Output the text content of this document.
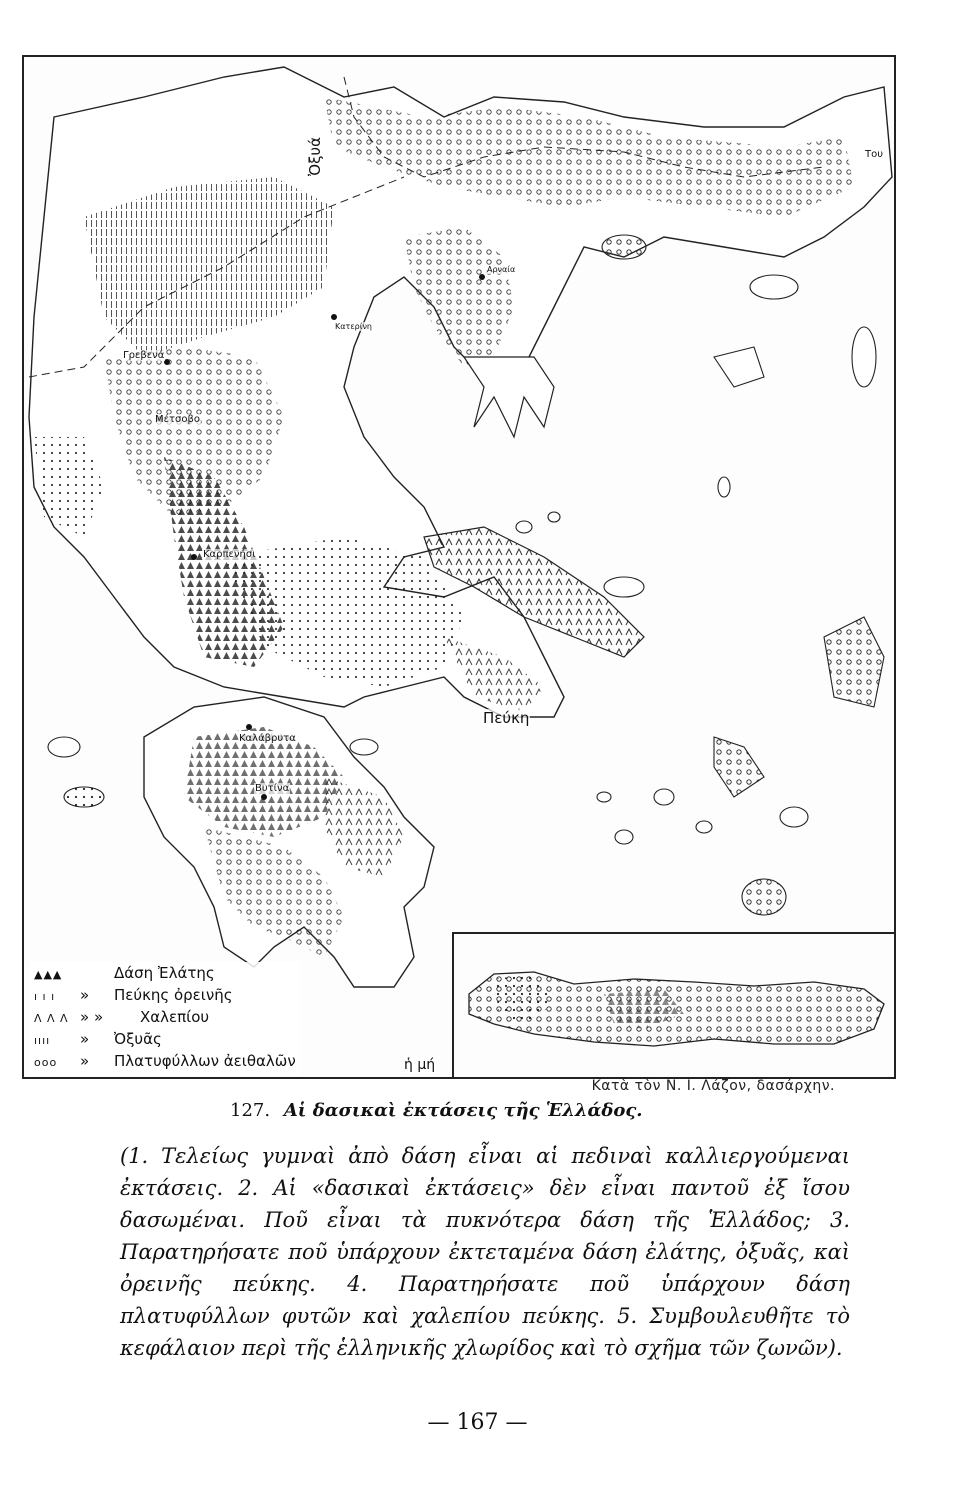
Γρεβενά
Μέτσοβο
Κατερίνη
Καρπενήσι
Καλάβρυτα
Βυτίνα
Αρναία
Ὀξυά
Πεύκη
Του
▲▲▲	Δάση Ἐλάτης
ı ı ı	»	Πεύκης ὀρεινῆς
Λ Λ Λ » »	Χαλεπίου
ıııı	»	Ὀξυᾶς
ooo	»	Πλατυφύλλων ἀειθαλῶν	ἡ μή
Κατὰ τὸν Ν. Ι. Λάζον, δασάρχην.
127. Αἱ δασικαὶ ἐκτάσεις τῆς Ἑλλάδος.
(1. Τελείως γυμναὶ ἀπὸ δάση εἶναι αἱ πεδιναὶ καλλιεργούμεναι ἐκτάσεις. 2. Αἱ «δασικαὶ ἐκτάσεις» δὲν εἶναι παντοῦ ἐξ ἴσου δασωμέναι. Ποῦ εἶναι τὰ πυκνότερα δάση τῆς Ἑλλάδος; 3. Παρατηρήσατε ποῦ ὑπάρχουν ἐκτεταμένα δάση ἐλάτης, ὀξυᾶς, καὶ ὀρεινῆς πεύκης. 4. Παρατηρήσατε ποῦ ὑπάρχουν δάση πλατυφύλλων φυτῶν καὶ χαλεπίου πεύκης. 5. Συμβουλευθῆτε τὸ κεφάλαιον περὶ τῆς ἑλληνικῆς χλωρίδος καὶ τὸ σχῆμα τῶν ζωνῶν).
— 167 —
